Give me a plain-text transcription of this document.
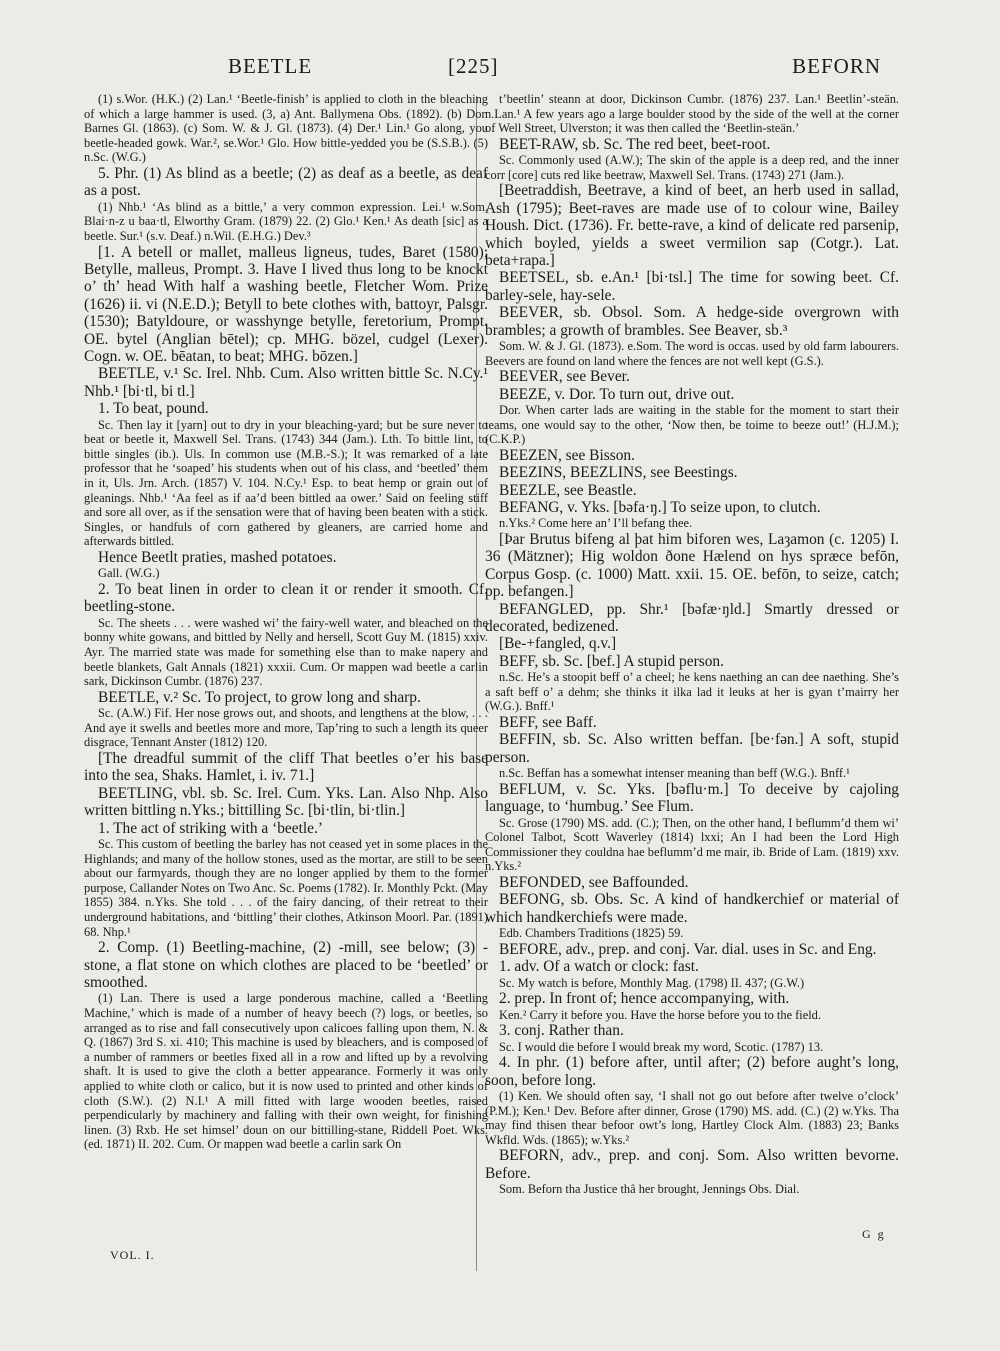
BEETLE	[225]	BEFORN

(1) s.Wor. (H.K.) (2) Lan.¹ ‘Beetle-finish’ is applied to cloth in the bleaching of which a large hammer is used. (3, a) Ant. Ballymena Obs. (1892). (b) Dor. Barnes Gl. (1863). (c) Som. W. & J. Gl. (1873). (4) Der.¹ Lin.¹ Go along, you beetle-headed gowk. War.², se.Wor.¹ Glo. How bittle-yedded you be (S.S.B.). (5) n.Sc. (W.G.)

5. Phr. (1) As blind as a beetle; (2) as deaf as a beetle, as deaf as a post.

(1) Nhb.¹ ‘As blind as a bittle,’ a very common expression. Lei.¹ w.Som. Blai·n-z u baa·tl, Elworthy Gram. (1879) 22. (2) Glo.¹ Ken.¹ As death [sic] as a beetle. Sur.¹ (s.v. Deaf.) n.Wil. (E.H.G.) Dev.³

[1. A betell or mallet, malleus ligneus, tudes, Baret (1580); Betylle, malleus, Prompt. 3. Have I lived thus long to be knockt o’ th’ head With half a washing beetle, Fletcher Wom. Prize (1626) ii. vi (N.E.D.); Betyll to bete clothes with, battoyr, Palsgr. (1530); Batyldoure, or wasshynge betylle, feretorium, Prompt. OE. bytel (Anglian bētel); cp. MHG. bözel, cudgel (Lexer). Cogn. w. OE. bēatan, to beat; MHG. bōzen.]

BEETLE, v.¹ Sc. Irel. Nhb. Cum. Also written bittle Sc. N.Cy.¹ Nhb.¹ [bi·tl, bi tl.]

1. To beat, pound.

Sc. Then lay it [yarn] out to dry in your bleaching-yard; but be sure never to beat or beetle it, Maxwell Sel. Trans. (1743) 344 (Jam.). Lth. To bittle lint, to bittle singles (ib.). Uls. In common use (M.B.-S.); It was remarked of a late professor that he ‘soaped’ his students when out of his class, and ‘beetled’ them in it, Uls. Jrn. Arch. (1857) V. 104. N.Cy.¹ Esp. to beat hemp or grain out of gleanings. Nhb.¹ ‘Aa feel as if aa’d been bittled aa ower.’ Said on feeling stiff and sore all over, as if the sensation were that of having been beaten with a stick. Singles, or handfuls of corn gathered by gleaners, are carried home and afterwards bittled.

Hence Beetlt praties, mashed potatoes.

Gall. (W.G.)

2. To beat linen in order to clean it or render it smooth. Cf. beetling-stone.

Sc. The sheets . . . were washed wi’ the fairy-well water, and bleached on the bonny white gowans, and bittled by Nelly and hersell, Scott Guy M. (1815) xxiv. Ayr. The married state was made for something else than to make napery and beetle blankets, Galt Annals (1821) xxxii. Cum. Or mappen wad beetle a carlin sark, Dickinson Cumbr. (1876) 237.

BEETLE, v.² Sc. To project, to grow long and sharp.

Sc. (A.W.) Fif. Her nose grows out, and shoots, and lengthens at the blow, . . . And aye it swells and beetles more and more, Tap’ring to such a length its queer disgrace, Tennant Anster (1812) 120.

[The dreadful summit of the cliff That beetles o’er his base into the sea, Shaks. Hamlet, i. iv. 71.]

BEETLING, vbl. sb. Sc. Irel. Cum. Yks. Lan. Also Nhp. Also written bittling n.Yks.; bittilling Sc. [bi·tlin, bi·tlin.]

1. The act of striking with a ‘beetle.’

Sc. This custom of beetling the barley has not ceased yet in some places in the Highlands; and many of the hollow stones, used as the mortar, are still to be seen about our farmyards, though they are no longer applied by them to the former purpose, Callander Notes on Two Anc. Sc. Poems (1782). Ir. Monthly Pckt. (May 1855) 384. n.Yks. She told . . . of the fairy dancing, of their retreat to their underground habitations, and ‘bittling’ their clothes, Atkinson Moorl. Par. (1891) 68. Nhp.¹

2. Comp. (1) Beetling-machine, (2) -mill, see below; (3) -stone, a flat stone on which clothes are placed to be ‘beetled’ or smoothed.

(1) Lan. There is used a large ponderous machine, called a ‘Beetling Machine,’ which is made of a number of heavy beech (?) logs, or beetles, so arranged as to rise and fall consecutively upon calicoes falling upon them, N. & Q. (1867) 3rd S. xi. 410; This machine is used by bleachers, and is composed of a number of rammers or beetles fixed all in a row and lifted up by a revolving shaft. It is used to give the cloth a better appearance. Formerly it was only applied to white cloth or calico, but it is now used to printed and other kinds of cloth (S.W.). (2) N.I.¹ A mill fitted with large wooden beetles, raised perpendicularly by machinery and falling with their own weight, for finishing linen. (3) Rxb. He set himsel’ doun on our bittilling-stane, Riddell Poet. Wks. (ed. 1871) II. 202. Cum. Or mappen wad beetle a carlin sark On

t’beetlin’ steann at door, Dickinson Cumbr. (1876) 237. Lan.¹ Beetlin’-steän. n.Lan.¹ A few years ago a large boulder stood by the side of the well at the corner of Well Street, Ulverston; it was then called the ‘Beetlin-steän.’

BEET-RAW, sb. Sc. The red beet, beet-root.

Sc. Commonly used (A.W.); The skin of the apple is a deep red, and the inner corr [core] cuts red like beetraw, Maxwell Sel. Trans. (1743) 271 (Jam.).

[Beetraddish, Beetrave, a kind of beet, an herb used in sallad, Ash (1795); Beet-raves are made use of to colour wine, Bailey Housh. Dict. (1736). Fr. bette-rave, a kind of delicate red parsenip, which boyled, yields a sweet vermilion sap (Cotgr.). Lat. beta+rapa.]

BEETSEL, sb. e.An.¹ [bi·tsl.] The time for sowing beet. Cf. barley-sele, hay-sele.

BEEVER, sb. Obsol. Som. A hedge-side overgrown with brambles; a growth of brambles. See Beaver, sb.³

Som. W. & J. Gl. (1873). e.Som. The word is occas. used by old farm labourers. Beevers are found on land where the fences are not well kept (G.S.).

BEEVER, see Bever.

BEEZE, v. Dor. To turn out, drive out.

Dor. When carter lads are waiting in the stable for the moment to start their teams, one would say to the other, ‘Now then, be toime to beeze out!’ (H.J.M.); (C.K.P.)

BEEZEN, see Bisson.

BEEZINS, BEEZLINS, see Beestings.

BEEZLE, see Beastle.

BEFANG, v. Yks. [bəfa·ŋ.] To seize upon, to clutch.

n.Yks.² Come here an’ I’ll befang thee.

[Þar Brutus bifeng al þat him biforen wes, Laȝamon (c. 1205) I. 36 (Mätzner); Hig woldon ðone Hælend on hys spræce befōn, Corpus Gosp. (c. 1000) Matt. xxii. 15. OE. befōn, to seize, catch; pp. befangen.]

BEFANGLED, pp. Shr.¹ [bəfæ·ŋld.] Smartly dressed or decorated, bedizened.

[Be-+fangled, q.v.]

BEFF, sb. Sc. [bef.] A stupid person.

n.Sc. He’s a stoopit beff o’ a cheel; he kens naething an can dee naething. She’s a saft beff o’ a dehm; she thinks it ilka lad it leuks at her is gyan t’mairry her (W.G.). Bnff.¹

BEFF, see Baff.

BEFFIN, sb. Sc. Also written beffan. [be·fən.] A soft, stupid person.

n.Sc. Beffan has a somewhat intenser meaning than beff (W.G.). Bnff.¹

BEFLUM, v. Sc. Yks. [bəflu·m.] To deceive by cajoling language, to ‘humbug.’ See Flum.

Sc. Grose (1790) MS. add. (C.); Then, on the other hand, I beflumm’d them wi’ Colonel Talbot, Scott Waverley (1814) lxxi; An I had been the Lord High Commissioner they couldna hae beflumm’d me mair, ib. Bride of Lam. (1819) xxv. n.Yks.²

BEFONDED, see Baffounded.

BEFONG, sb. Obs. Sc. A kind of handkerchief or material of which handkerchiefs were made.

Edb. Chambers Traditions (1825) 59.

BEFORE, adv., prep. and conj. Var. dial. uses in Sc. and Eng.

1. adv. Of a watch or clock: fast.

Sc. My watch is before, Monthly Mag. (1798) II. 437; (G.W.)

2. prep. In front of; hence accompanying, with.

Ken.² Carry it before you. Have the horse before you to the field.

3. conj. Rather than.

Sc. I would die before I would break my word, Scotic. (1787) 13.

4. In phr. (1) before after, until after; (2) before aught’s long, soon, before long.

(1) Ken. We should often say, ‘I shall not go out before after twelve o’clock’ (P.M.); Ken.¹ Dev. Before after dinner, Grose (1790) MS. add. (C.) (2) w.Yks. Tha may find thisen thear befoor owt’s long, Hartley Clock Alm. (1883) 23; Banks Wkfld. Wds. (1865); w.Yks.²

BEFORN, adv., prep. and conj. Som. Also written bevorne. Before.

Som. Beforn tha Justice thâ her brought, Jennings Obs. Dial.

VOL. I.
G g
